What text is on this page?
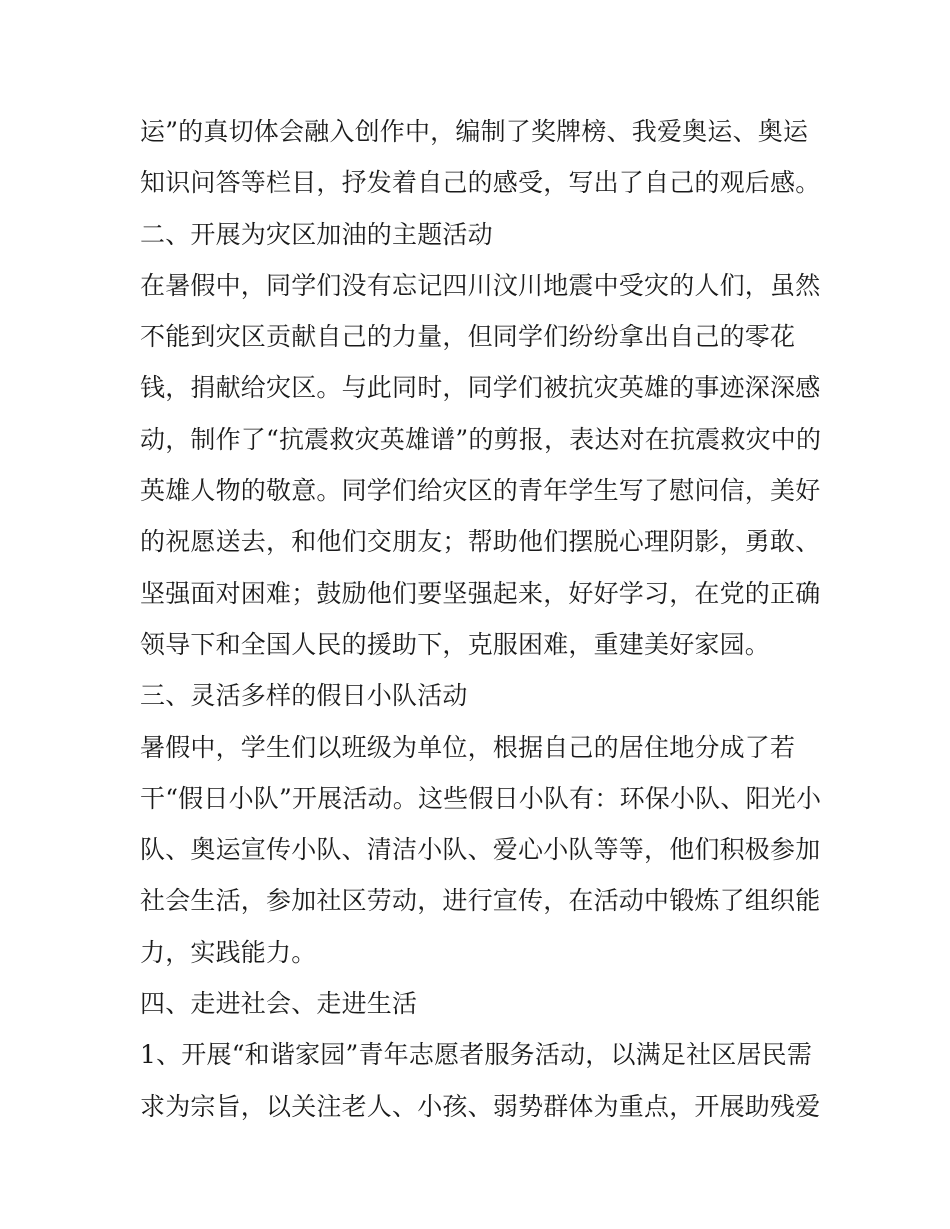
运”的真切体会融入创作中，编制了奖牌榜、我爱奥运、奥运
知识问答等栏目，抒发着自己的感受，写出了自己的观后感。
二、开展为灾区加油的主题活动
在暑假中，同学们没有忘记四川汶川地震中受灾的人们，虽然
不能到灾区贡献自己的力量，但同学们纷纷拿出自己的零花
钱，捐献给灾区。与此同时，同学们被抗灾英雄的事迹深深感
动，制作了“抗震救灾英雄谱”的剪报，表达对在抗震救灾中的
英雄人物的敬意。同学们给灾区的青年学生写了慰问信，美好
的祝愿送去，和他们交朋友；帮助他们摆脱心理阴影，勇敢、
坚强面对困难；鼓励他们要坚强起来，好好学习，在党的正确
领导下和全国人民的援助下，克服困难，重建美好家园。
三、灵活多样的假日小队活动
暑假中，学生们以班级为单位，根据自己的居住地分成了若
干“假日小队”开展活动。这些假日小队有：环保小队、阳光小
队、奥运宣传小队、清洁小队、爱心小队等等，他们积极参加
社会生活，参加社区劳动，进行宣传，在活动中锻炼了组织能
力，实践能力。
四、走进社会、走进生活
1、开展“和谐家园”青年志愿者服务活动，以满足社区居民需
求为宗旨，以关注老人、小孩、弱势群体为重点，开展助残爱
